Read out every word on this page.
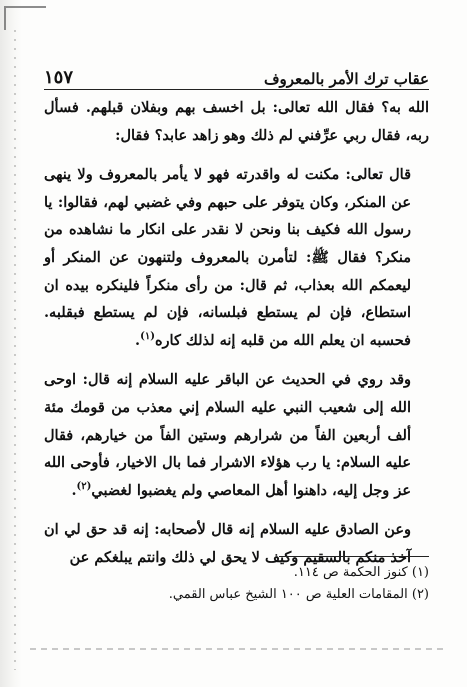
عقاب ترك الأمر بالمعروف
١٥٧

الله به؟ فقال الله تعالى: بل اخسف بهم وبفلان قبلهم. فسأل ربه، فقال ربي عرِّفني لم ذلك وهو زاهد عابد؟ فقال:

قال تعالى: مكنت له واقدرته فهو لا يأمر بالمعروف ولا ينهى عن المنكر، وكان يتوفر على حبهم وفي غضبي لهم، فقالوا: يا رسول الله فكيف بنا ونحن لا نقدر على انكار ما نشاهده من منكر؟ فقال ﷺ: لتأمرن بالمعروف ولتنهون عن المنكر أو ليعمكم الله بعذاب، ثم قال: من رأى منكراً فلينكره بيده ان استطاع، فإن لم يستطع فبلسانه، فإن لم يستطع فبقلبه. فحسبه ان يعلم الله من قلبه إنه لذلك كاره$^{(١)}$.

وقد روي في الحديث عن الباقر عليه السلام إنه قال: اوحى الله إلى شعيب النبي عليه السلام إني معذب من قومك مئة ألف أربعين الفاً من شرارهم وستين الفاً من خيارهم، فقال عليه السلام: يا رب هؤلاء الاشرار فما بال الاخيار، فأوحى الله عز وجل إليه، داهنوا أهل المعاصي ولم يغضبوا لغضبي$^{(٢)}$.

وعن الصادق عليه السلام إنه قال لأصحابه: إنه قد حق لي ان آخذ منكم بالسقيم وكيف لا يحق لي ذلك وانتم يبلغكم عن

(١) كنوز الحكمة ص ١١٤.
(٢) المقامات العلية ص ١٠٠ الشيخ عباس القمي.
